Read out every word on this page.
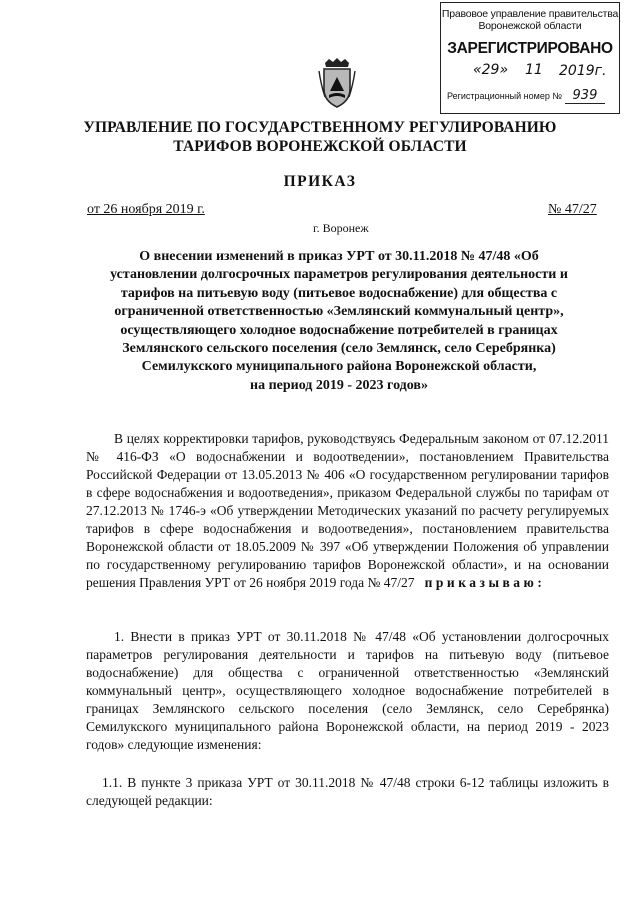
Правовое управление правительства Воронежской области
ЗАРЕГИСТРИРОВАНО
«29» 11 2019г.
Регистрационный номер № 939
УПРАВЛЕНИЕ ПО ГОСУДАРСТВЕННОМУ РЕГУЛИРОВАНИЮ
ТАРИФОВ ВОРОНЕЖСКОЙ ОБЛАСТИ
ПРИКАЗ
от 26 ноября 2019 г.	№ 47/27
г. Воронеж
О внесении изменений в приказ УРТ от 30.11.2018 № 47/48 «Об
установлении долгосрочных параметров регулирования деятельности и
тарифов на питьевую воду (питьевое водоснабжение) для общества с
ограниченной ответственностью «Землянский коммунальный центр»,
осуществляющего холодное водоснабжение потребителей в границах
Землянского сельского поселения (село Землянск, село Серебрянка)
Семилукского муниципального района Воронежской области,
на период 2019 - 2023 годов»

В целях корректировки тарифов, руководствуясь Федеральным законом от 07.12.2011 № 416-ФЗ «О водоснабжении и водоотведении», постановлением Правительства Российской Федерации от 13.05.2013 № 406 «О государственном регулировании тарифов в сфере водоснабжения и водоотведения», приказом Федеральной службы по тарифам от 27.12.2013 № 1746-э «Об утверждении Методических указаний по расчету регулируемых тарифов в сфере водоснабжения и водоотведения», постановлением правительства Воронежской области от 18.05.2009 № 397 «Об утверждении Положения об управлении по государственному регулированию тарифов Воронежской области», и на основании решения Правления УРТ от 26 ноября 2019 года № 47/27 приказываю:

1. Внести в приказ УРТ от 30.11.2018 № 47/48 «Об установлении долгосрочных параметров регулирования деятельности и тарифов на питьевую воду (питьевое водоснабжение) для общества с ограниченной ответственностью «Землянский коммунальный центр», осуществляющего холодное водоснабжение потребителей в границах Землянского сельского поселения (село Землянск, село Серебрянка) Семилукского муниципального района Воронежской области, на период 2019 - 2023 годов» следующие изменения:

1.1. В пункте 3 приказа УРТ от 30.11.2018 № 47/48 строки 6-12 таблицы изложить в следующей редакции:
